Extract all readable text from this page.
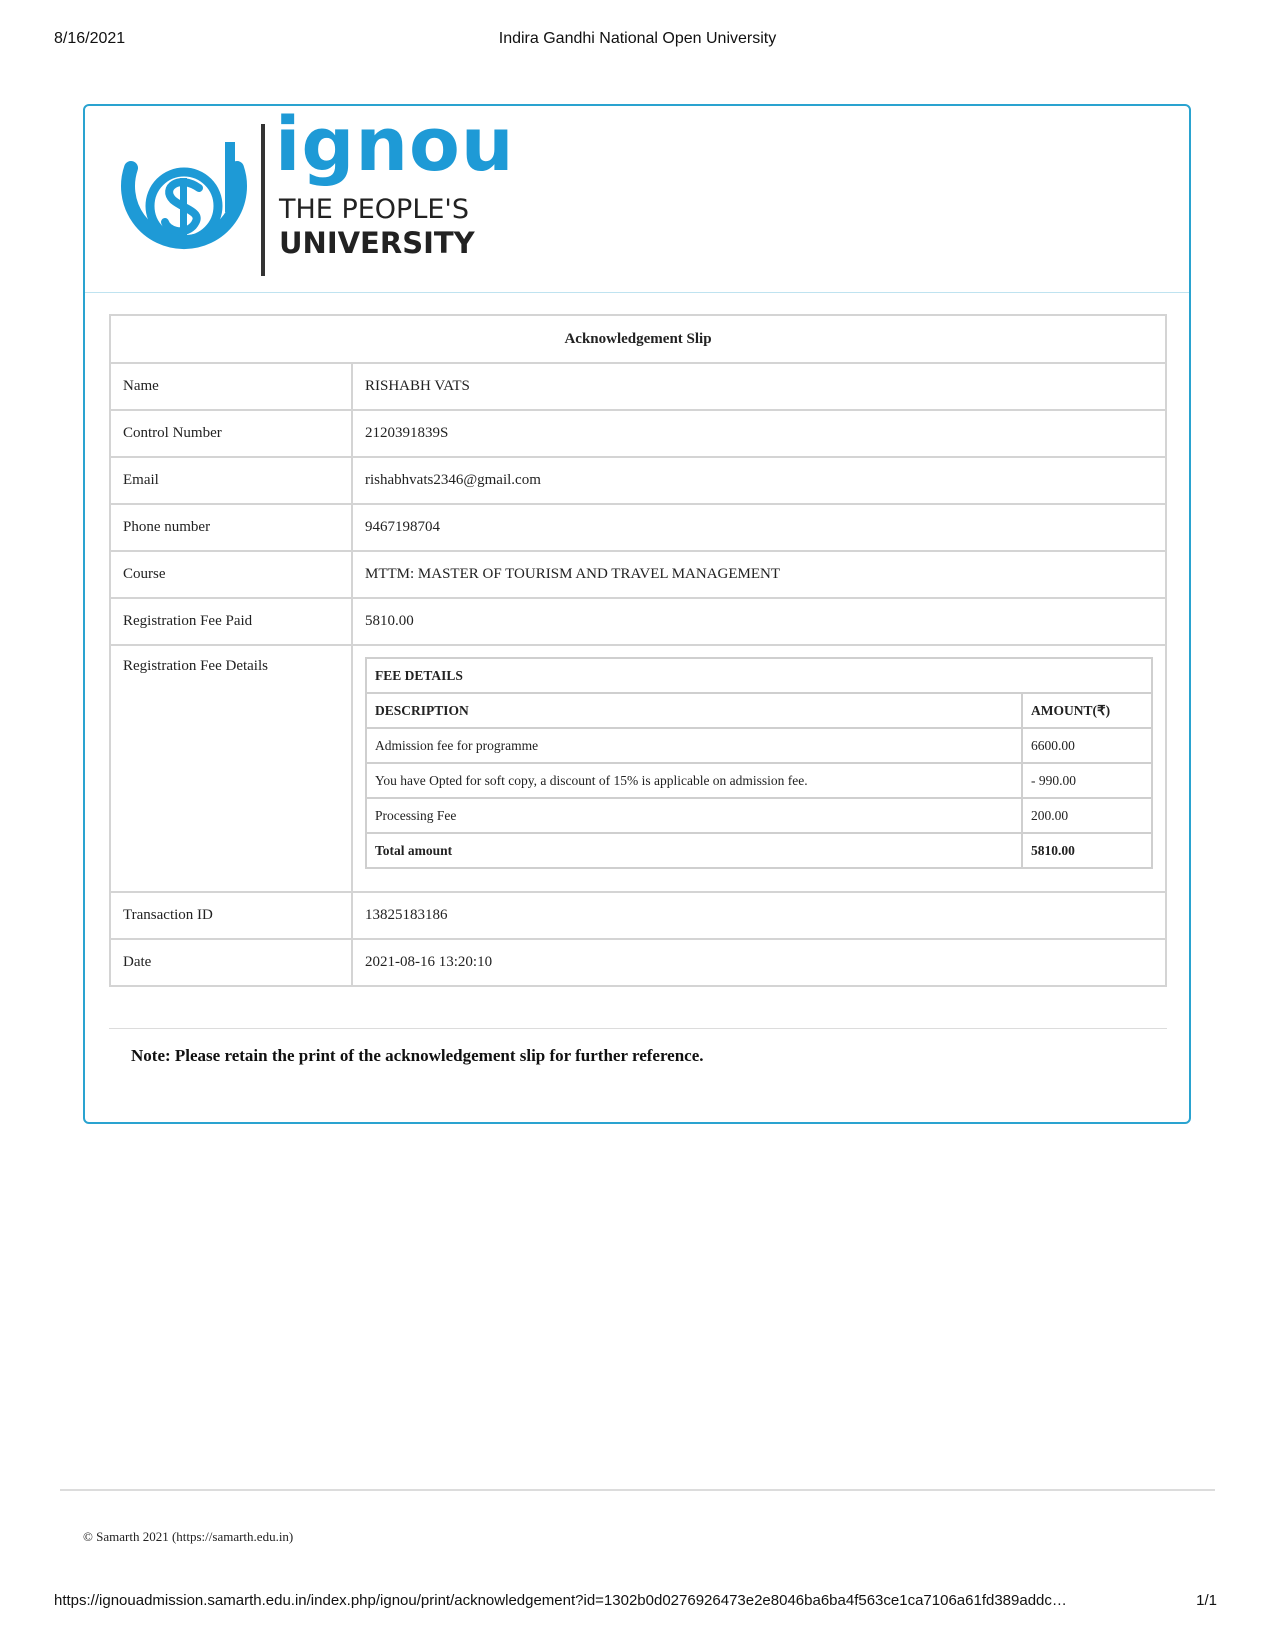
8/16/2021	Indira Gandhi National Open University
ignou
THE PEOPLE'S
UNIVERSITY
Acknowledgement Slip
Name	RISHABH VATS
Control Number	2120391839S
Email	rishabhvats2346@gmail.com
Phone number	9467198704
Course	MTTM: MASTER OF TOURISM AND TRAVEL MANAGEMENT
Registration Fee Paid	5810.00
Registration Fee Details	
FEE DETAILS
DESCRIPTION	AMOUNT(₹)
Admission fee for programme	6600.00
You have Opted for soft copy, a discount of 15% is applicable on admission fee.	- 990.00
Processing Fee	200.00
Total amount	5810.00

Transaction ID	13825183186
Date	2021-08-16 13:20:10
Note: Please retain the print of the acknowledgement slip for further reference.
© Samarth 2021 (https://samarth.edu.in)
https://ignouadmission.samarth.edu.in/index.php/ignou/print/acknowledgement?id=1302b0d0276926473e2e8046ba6ba4f563ce1ca7106a61fd389addc…	1/1
